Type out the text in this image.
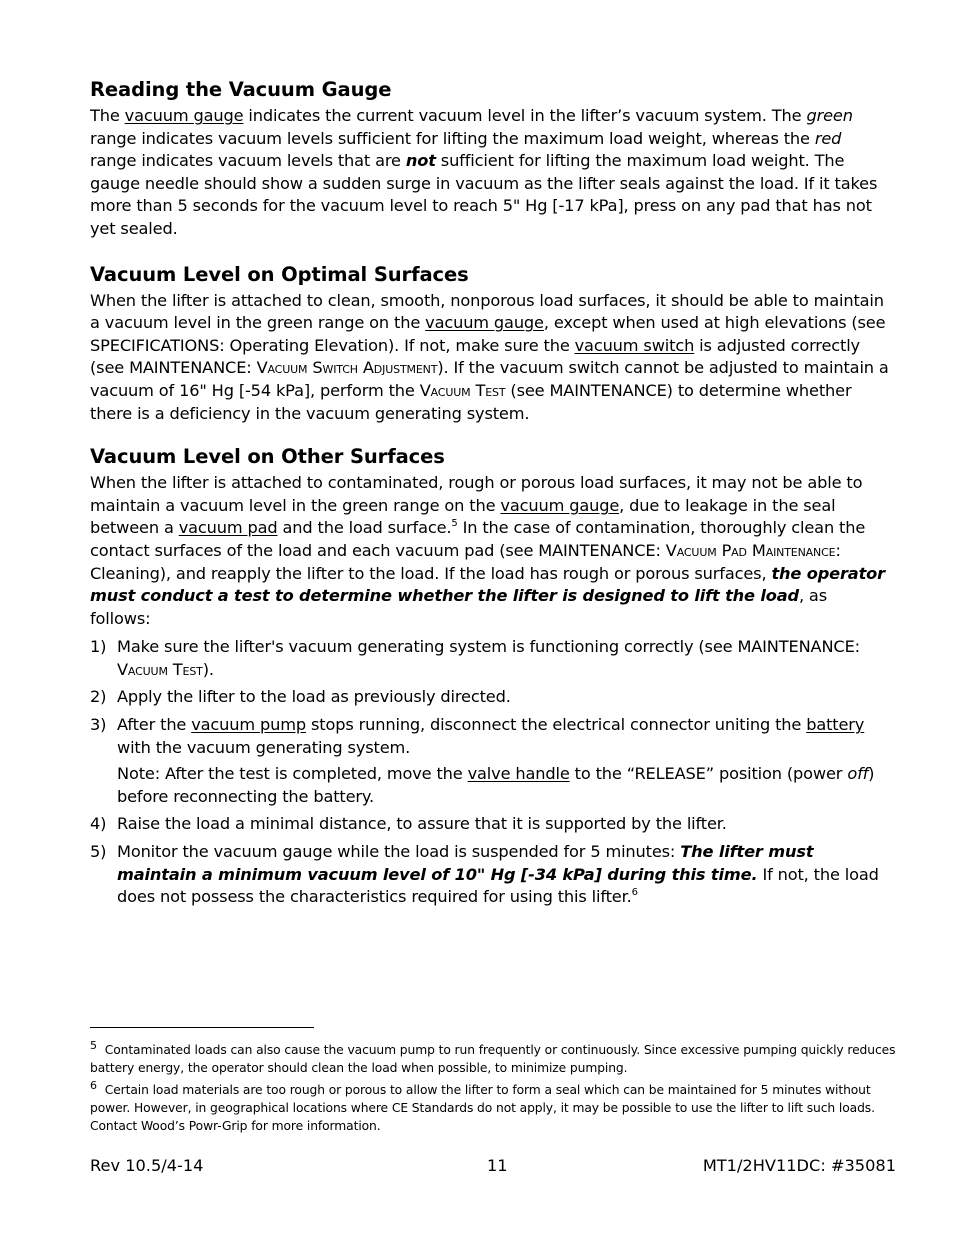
Reading the Vacuum Gauge

The vacuum gauge indicates the current vacuum level in the lifter’s vacuum system. The green range indicates vacuum levels sufficient for lifting the maximum load weight, whereas the red range indicates vacuum levels that are not sufficient for lifting the maximum load weight. The gauge needle should show a sudden surge in vacuum as the lifter seals against the load. If it takes more than 5 seconds for the vacuum level to reach 5" Hg [-17 kPa], press on any pad that has not yet sealed.

Vacuum Level on Optimal Surfaces

When the lifter is attached to clean, smooth, nonporous load surfaces, it should be able to maintain a vacuum level in the green range on the vacuum gauge, except when used at high elevations (see SPECIFICATIONS: Operating Elevation). If not, make sure the vacuum switch is adjusted correctly (see MAINTENANCE: Vacuum Switch Adjustment). If the vacuum switch cannot be adjusted to maintain a vacuum of 16" Hg [-54 kPa], perform the Vacuum Test (see MAINTENANCE) to determine whether there is a deficiency in the vacuum generating system.

Vacuum Level on Other Surfaces

When the lifter is attached to contaminated, rough or porous load surfaces, it may not be able to maintain a vacuum level in the green range on the vacuum gauge, due to leakage in the seal between a vacuum pad and the load surface.$^5$ In the case of contamination, thoroughly clean the contact surfaces of the load and each vacuum pad (see MAINTENANCE: Vacuum Pad Maintenance: Cleaning), and reapply the lifter to the load. If the load has rough or porous surfaces, the operator must conduct a test to determine whether the lifter is designed to lift the load, as follows:

1) Make sure the lifter's vacuum generating system is functioning correctly (see MAINTENANCE: Vacuum Test).
2) Apply the lifter to the load as previously directed.
3) After the vacuum pump stops running, disconnect the electrical connector uniting the battery with the vacuum generating system.
Note: After the test is completed, move the valve handle to the “RELEASE” position (power off) before reconnecting the battery.
4) Raise the load a minimal distance, to assure that it is supported by the lifter.
5) Monitor the vacuum gauge while the load is suspended for 5 minutes: The lifter must maintain a minimum vacuum level of 10" Hg [-34 kPa] during this time. If not, the load does not possess the characteristics required for using this lifter.$^6$
$^5$ Contaminated loads can also cause the vacuum pump to run frequently or continuously. Since excessive pumping quickly reduces battery energy, the operator should clean the load when possible, to minimize pumping.
$^6$ Certain load materials are too rough or porous to allow the lifter to form a seal which can be maintained for 5 minutes without power. However, in geographical locations where CE Standards do not apply, it may be possible to use the lifter to lift such loads. Contact Wood’s Powr-Grip for more information.
Rev 10.5/4-14	11	MT1/2HV11DC: #35081
